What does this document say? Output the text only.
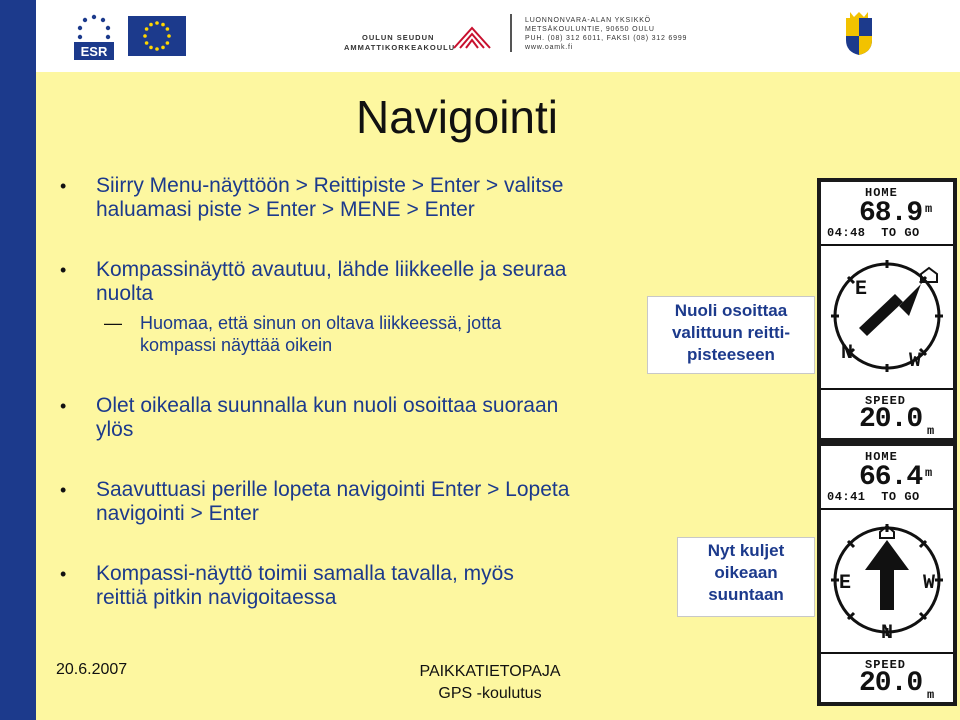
ESR
OULUN SEUDUN
AMMATTIKORKEAKOULU
LUONNONVARA-ALAN YKSIKKÖ
METSÄKOULUNTIE, 90650 OULU
PUH. (08) 312 6011, FAKSI (08) 312 6999
www.oamk.fi
Navigointi
• Siirry Menu-näyttöön > Reittipiste > Enter > valitse
haluamasi piste > Enter > MENE > Enter
• Kompassinäyttö avautuu, lähde liikkeelle ja seuraa
nuolta
— Huomaa, että sinun on oltava liikkeessä, jotta
kompassi näyttää oikein
• Olet oikealla suunnalla kun nuoli osoittaa suoraan
ylös
• Saavuttuasi perille lopeta navigointi Enter > Lopeta
navigointi > Enter
• Kompassi-näyttö toimii samalla tavalla, myös
reittiä pitkin navigoitaessa
Nuoli osoittaa
valittuun reitti-
pisteeseen
Nyt kuljet
oikeaan
suuntaan
HOME
68.9 m
04:48 TO GO
E
N	W
SPEED
20.0 m
HOME
66.4 m
04:41 TO GO
E
N
W
SPEED
20.0 m
20.6.2007	PAIKKATIETOPAJA
GPS -koulutus
